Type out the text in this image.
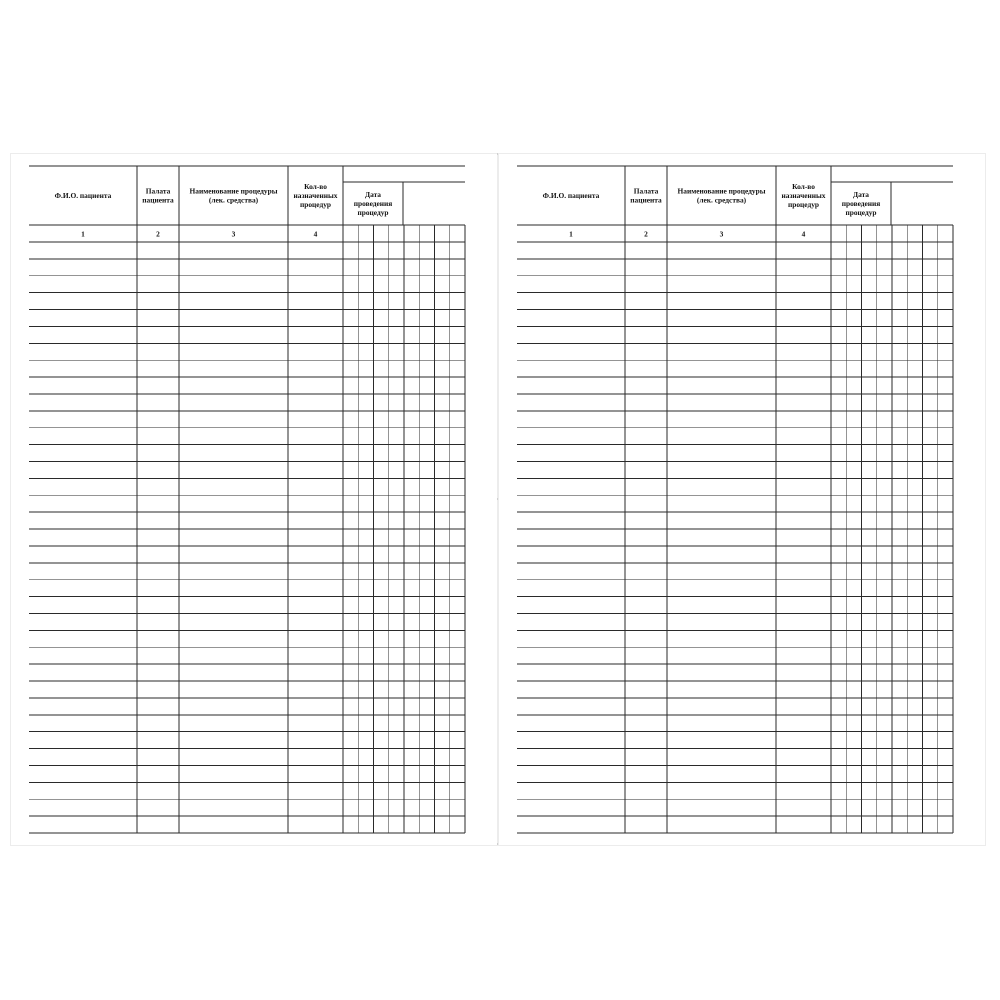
Ф.И.О. пациента
1
Палата
пациента
2
Наименование процедуры
(лек. средства)
3
Кол-во
назначенных
процедур
4
Дата
проведения
процедур
Ф.И.О. пациента
1
Палата
пациента
2
Наименование процедуры
(лек. средства)
3
Кол-во
назначенных
процедур
4
Дата
проведения
процедур
